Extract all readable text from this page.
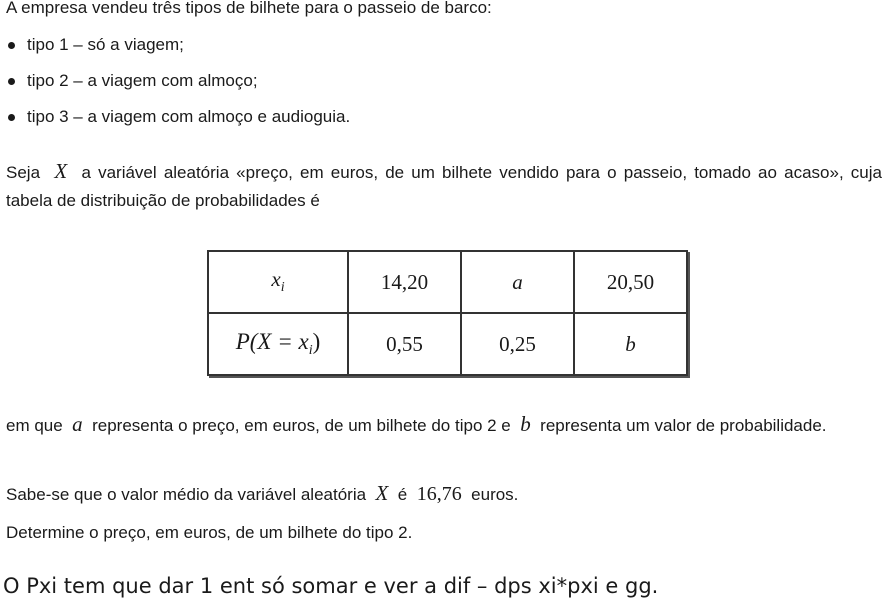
A empresa vendeu três tipos de bilhete para o passeio de barco:
tipo 1 – só a viagem;
tipo 2 – a viagem com almoço;
tipo 3 – a viagem com almoço e audioguia.
Seja X a variável aleatória «preço, em euros, de um bilhete vendido para o passeio, tomado ao acaso», cuja tabela de distribuição de probabilidades é
$x_i$	14,20	a	20,50
$P(X = x_i)$	0,55	0,25	b
em que a representa o preço, em euros, de um bilhete do tipo 2 e b representa um valor de probabilidade.
Sabe-se que o valor médio da variável aleatória X é 16,76 euros.
Determine o preço, em euros, de um bilhete do tipo 2.
O Pxi tem que dar 1 ent só somar e ver a dif – dps xi*pxi e gg.
